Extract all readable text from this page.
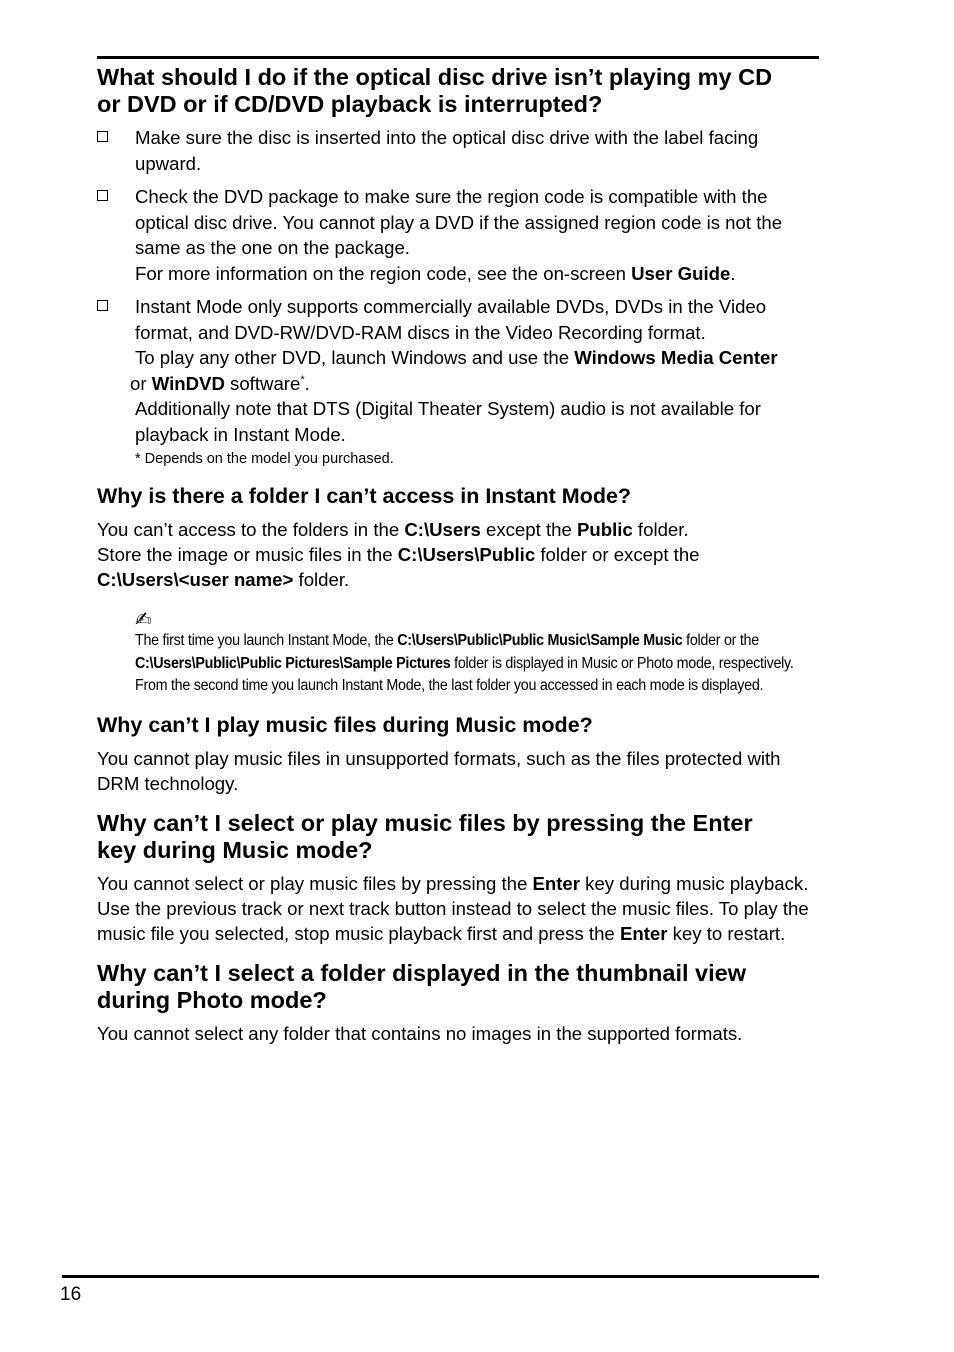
What should I do if the optical disc drive isn’t playing my CD
or DVD or if CD/DVD playback is interrupted?
Make sure the disc is inserted into the optical disc drive with the label facing upward.
Check the DVD package to make sure the region code is compatible with the optical disc drive. You cannot play a DVD if the assigned region code is not the same as the one on the package.
For more information on the region code, see the on-screen User Guide.
Instant Mode only supports commercially available DVDs, DVDs in the Video format, and DVD-RW/DVD-RAM discs in the Video Recording format.
To play any other DVD, launch Windows and use the Windows Media Center
or WinDVD software*.
Additionally note that DTS (Digital Theater System) audio is not available for playback in Instant Mode.
* Depends on the model you purchased.
Why is there a folder I can’t access in Instant Mode?

You can’t access to the folders in the C:\Users except the Public folder.
Store the image or music files in the C:\Users\Public folder or except the
C:\Users\<user name> folder.

✍
The first time you launch Instant Mode, the C:\Users\Public\Public Music\Sample Music folder or the C:\Users\Public\Public Pictures\Sample Pictures folder is displayed in Music or Photo mode, respectively. From the second time you launch Instant Mode, the last folder you accessed in each mode is displayed.
Why can’t I play music files during Music mode?

You cannot play music files in unsupported formats, such as the files protected with DRM technology.

Why can’t I select or play music files by pressing the Enter
key during Music mode?

You cannot select or play music files by pressing the Enter key during music playback. Use the previous track or next track button instead to select the music files. To play the music file you selected, stop music playback first and press the Enter key to restart.

Why can’t I select a folder displayed in the thumbnail view
during Photo mode?

You cannot select any folder that contains no images in the supported formats.

16
